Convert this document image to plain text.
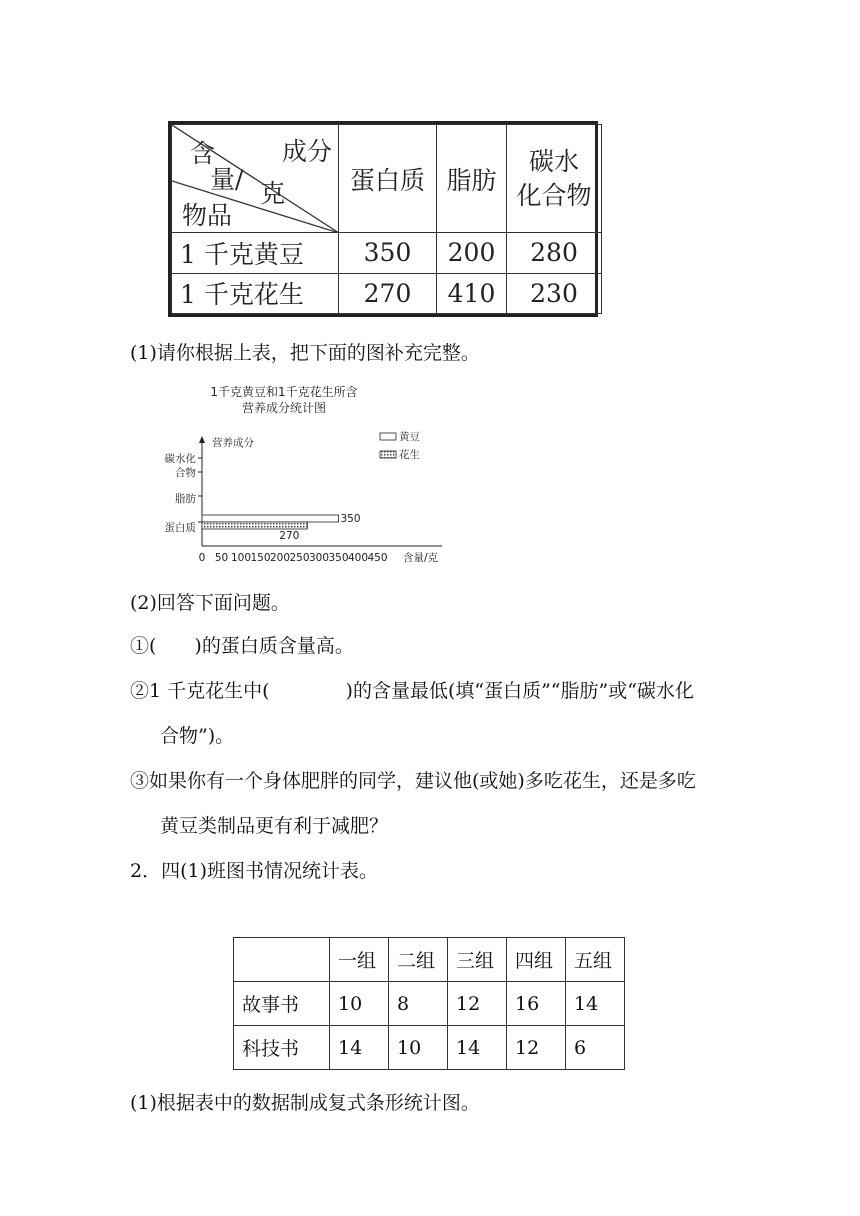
成分
含
量/ 克
物品	蛋白质	脂肪	碳水
化合物
1 千克黄豆	350	200	280
1 千克花生	270	410	230
(1)请你根据上表，把下面的图补充完整。
1千克黄豆和1千克花生所含
营养成分统计图
营养成分
蛋白质
脂肪
碳水化
合物
0 50 100 150 200 250 300 350 400 450 含量/克
黄豆
花生
350
270
(2)回答下面问题。
①(　　)的蛋白质含量高。
②1 千克花生中(　　　　)的含量最低(填“蛋白质”“脂肪”或“碳水化
合物”)。
③如果你有一个身体肥胖的同学，建议他(或她)多吃花生，还是多吃
黄豆类制品更有利于减肥？
2．四(1)班图书情况统计表。
	一组	二组	三组	四组	五组
故事书	10	8	12	16	14
科技书	14	10	14	12	6
(1)根据表中的数据制成复式条形统计图。
